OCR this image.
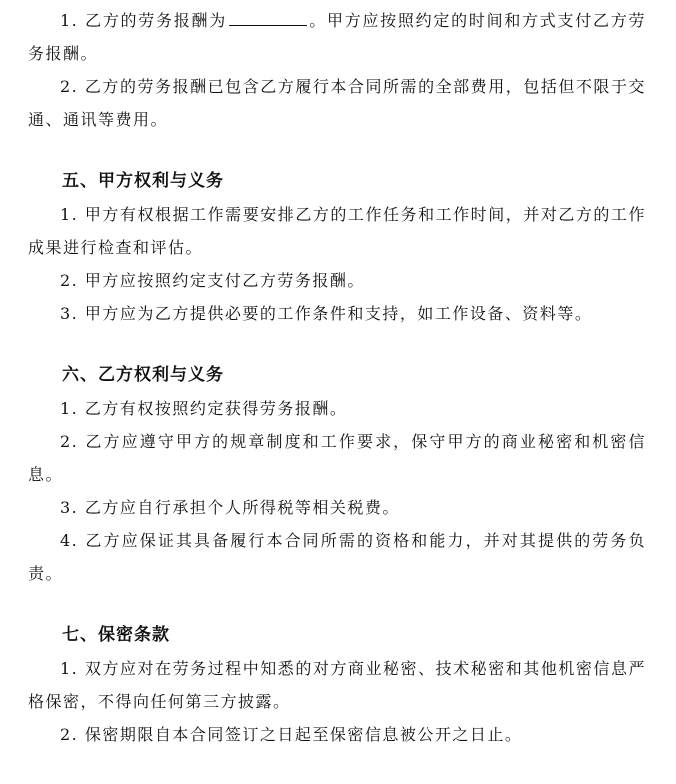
1. 乙方的劳务报酬为	。甲方应按照约定的时间和方式支付乙方劳务报酬。

2. 乙方的劳务报酬已包含乙方履行本合同所需的全部费用，包括但不限于交通、通讯等费用。

五、甲方权利与义务

1. 甲方有权根据工作需要安排乙方的工作任务和工作时间，并对乙方的工作成果进行检查和评估。

2. 甲方应按照约定支付乙方劳务报酬。

3. 甲方应为乙方提供必要的工作条件和支持，如工作设备、资料等。

六、乙方权利与义务

1. 乙方有权按照约定获得劳务报酬。

2. 乙方应遵守甲方的规章制度和工作要求，保守甲方的商业秘密和机密信息。

3. 乙方应自行承担个人所得税等相关税费。

4. 乙方应保证其具备履行本合同所需的资格和能力，并对其提供的劳务负责。

七、保密条款

1. 双方应对在劳务过程中知悉的对方商业秘密、技术秘密和其他机密信息严格保密，不得向任何第三方披露。

2. 保密期限自本合同签订之日起至保密信息被公开之日止。
